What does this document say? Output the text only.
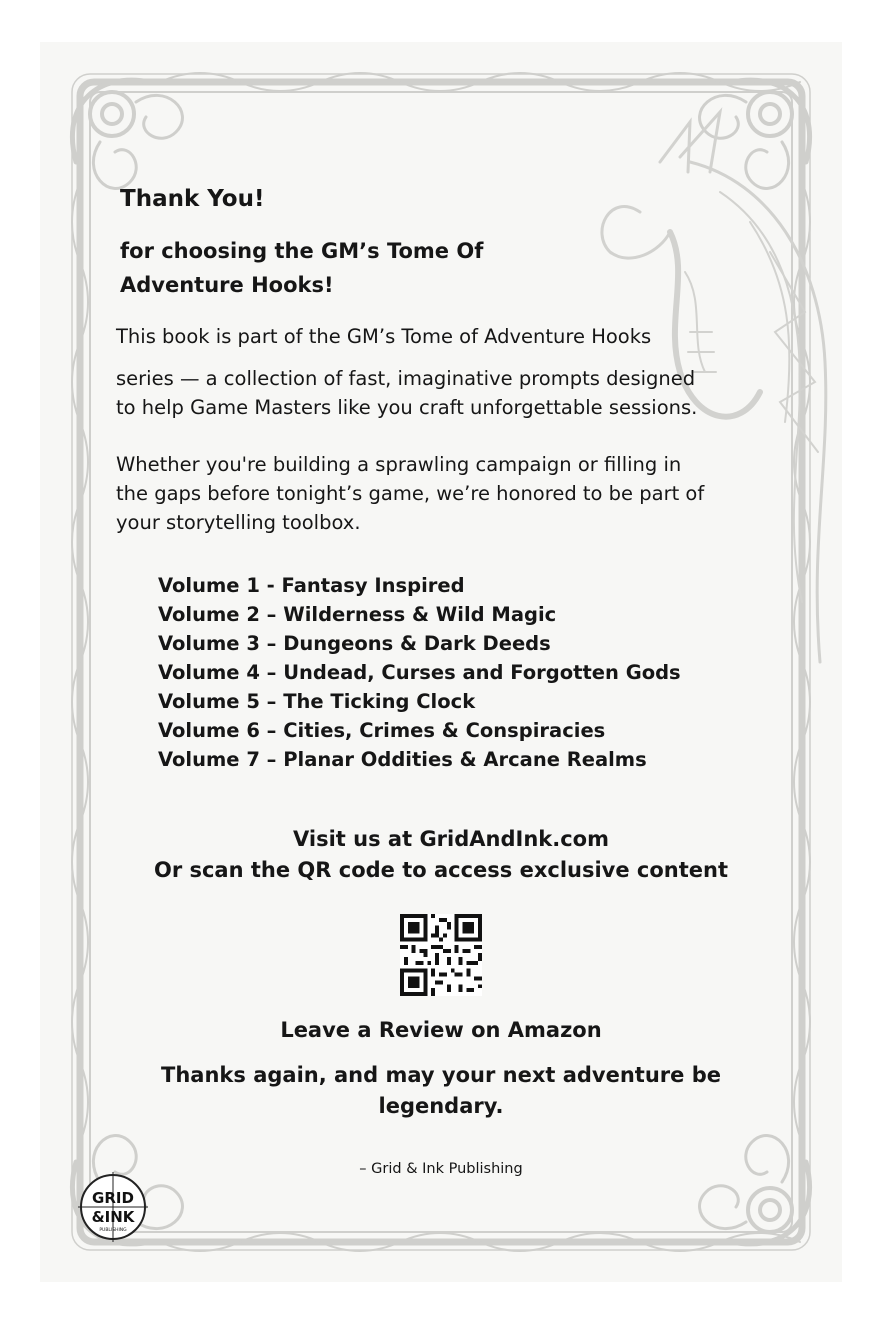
Thank You!
for choosing the GM’s Tome Of Adventure Hooks!

This book is part of the GM’s Tome of Adventure Hooks

series — a collection of fast, imaginative prompts designed to help Game Masters like you craft unforgettable sessions.

Whether you're building a sprawling campaign or filling in the gaps before tonight’s game, we’re honored to be part of your storytelling toolbox.

Volume 1 - Fantasy Inspired
Volume 2 – Wilderness & Wild Magic
Volume 3 – Dungeons & Dark Deeds
Volume 4 – Undead, Curses and Forgotten Gods
Volume 5 – The Ticking Clock
Volume 6 – Cities, Crimes & Conspiracies
Volume 7 – Planar Oddities & Arcane Realms

Visit us at GridAndInk.com

Or scan the QR code to access exclusive content

Leave a Review on Amazon

Thanks again, and may your next adventure be legendary.

– Grid & Ink Publishing

GRID
&INK
PUBLISHING
